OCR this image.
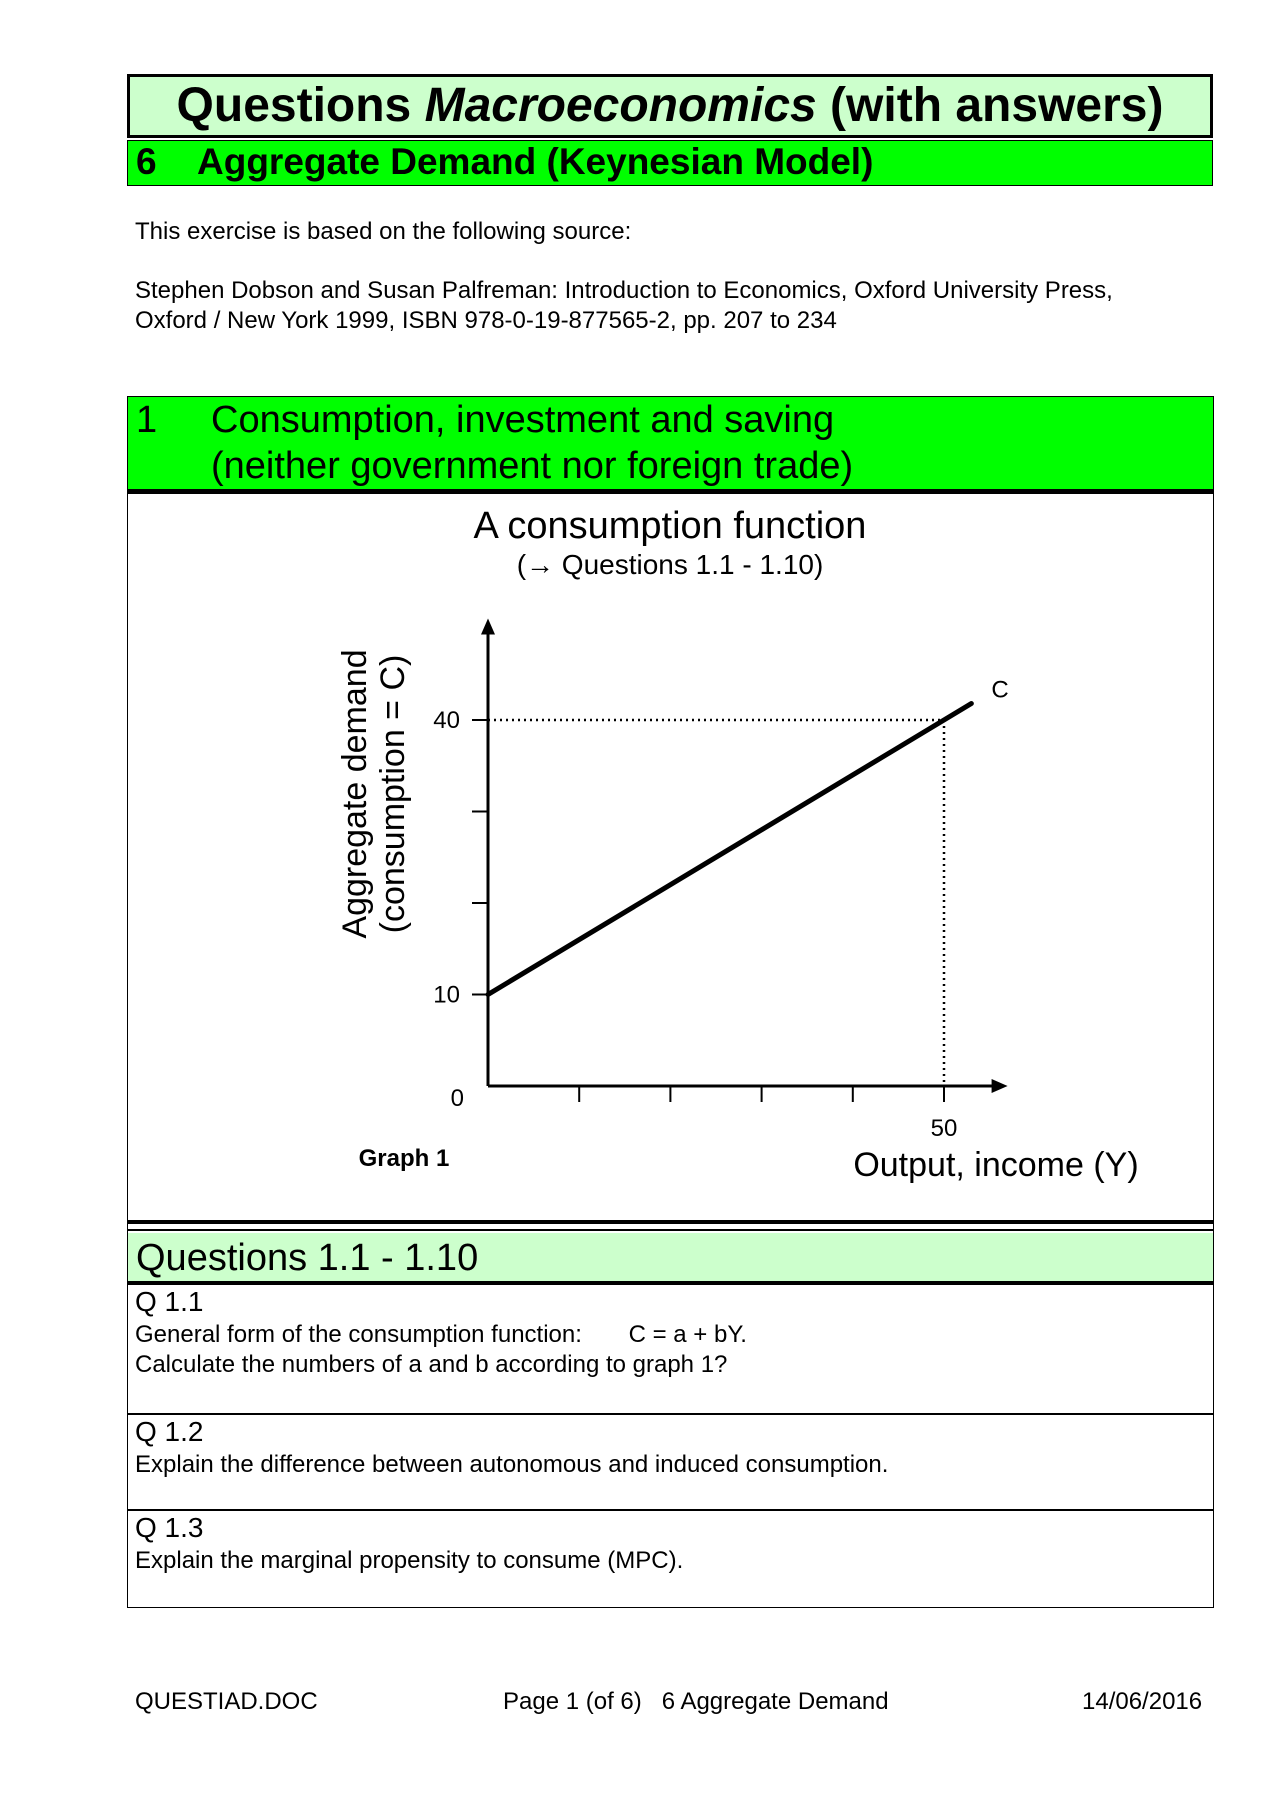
Questions Macroeconomics (with answers)
6 Aggregate Demand (Keynesian Model)
This exercise is based on the following source:
Stephen Dobson and Susan Palfreman: Introduction to Economics, Oxford University Press,
Oxford / New York 1999, ISBN 978-0-19-877565-2, pp. 207 to 234
1 Consumption, investment and saving
(neither government nor foreign trade)
A consumption function
(→ Questions 1.1 - 1.10)
Aggregate demand (consumption = C)
10
40
50
0
C
Output, income (Y)
Graph 1
Questions 1.1 - 1.10
Q 1.1
General form of the consumption function:       C = a + bY.
Calculate the numbers of a and b according to graph 1?
Q 1.2
Explain the difference between autonomous and induced consumption.
Q 1.3
Explain the marginal propensity to consume (MPC).
QUESTIAD.DOC	Page 1 (of 6)   6 Aggregate Demand	14/06/2016
